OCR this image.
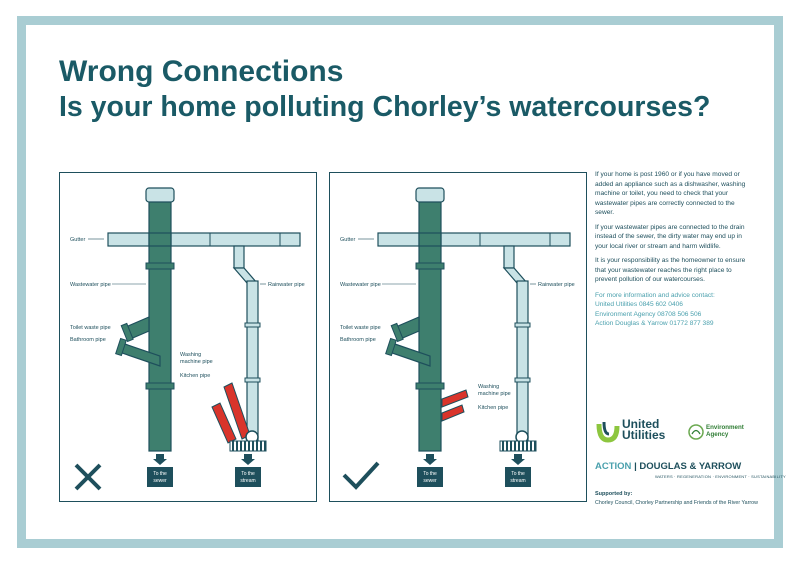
Wrong Connections
Is your home polluting Chorley’s watercourses?
To the
sewer
To the
stream
Gutter
Wastewater pipe	Rainwater pipe
Toilet waste pipe
Bathroom pipe
Washing
machine pipe
Kitchen pipe
To the
sewer
To the
stream
Gutter
Wastewater pipe	Rainwater pipe
Toilet waste pipe
Bathroom pipe
Washing
machine pipe
Kitchen pipe

If your home is post 1960 or if you have moved or added an appliance such as a dishwasher, washing machine or toilet, you need to check that your wastewater pipes are correctly connected to the sewer.

If your wastewater pipes are connected to the drain instead of the sewer, the dirty water may end up in your local river or stream and harm wildlife.

It is your responsibility as the homeowner to ensure that your wastewater reaches the right place to prevent pollution of our watercourses.

For more information and advice contact:
United Utilities 0845 602 0406
Environment Agency 08708 506 506
Action Douglas & Yarrow 01772 877 389
United
Utilities
Environment
Agency
ACTION | DOUGLAS & YARROW
WATERS · REGENERATION · ENVIRONMENT · SUSTAINABILITY
Supported by:
Chorley Council, Chorley Partnership and Friends of the River Yarrow
